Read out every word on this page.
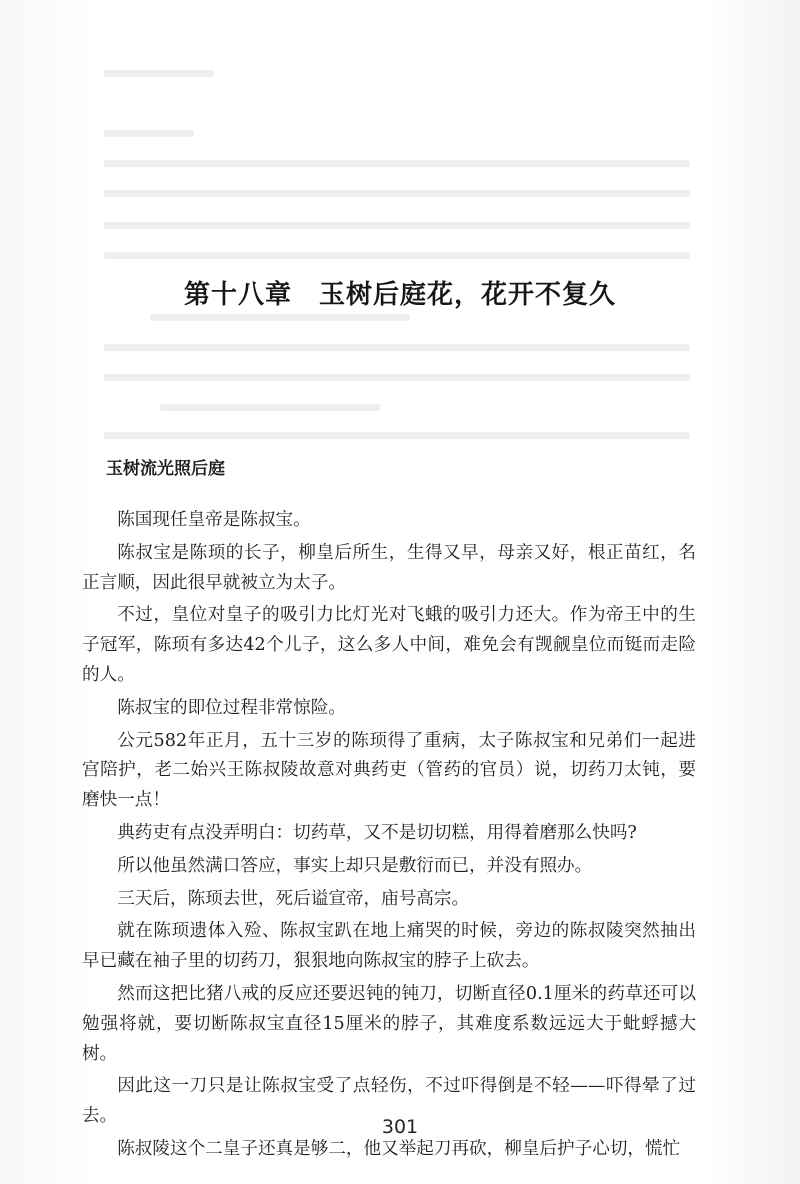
第十八章　玉树后庭花，花开不复久
玉树流光照后庭

陈国现任皇帝是陈叔宝。

陈叔宝是陈顼的长子，柳皇后所生，生得又早，母亲又好，根正苗红，名正言顺，因此很早就被立为太子。

不过，皇位对皇子的吸引力比灯光对飞蛾的吸引力还大。作为帝王中的生子冠军，陈顼有多达42个儿子，这么多人中间，难免会有觊觎皇位而铤而走险的人。

陈叔宝的即位过程非常惊险。

公元582年正月，五十三岁的陈顼得了重病，太子陈叔宝和兄弟们一起进宫陪护，老二始兴王陈叔陵故意对典药吏（管药的官员）说，切药刀太钝，要磨快一点！

典药吏有点没弄明白：切药草，又不是切切糕，用得着磨那么快吗?

所以他虽然满口答应，事实上却只是敷衍而已，并没有照办。

三天后，陈顼去世，死后谥宣帝，庙号高宗。

就在陈顼遗体入殓、陈叔宝趴在地上痛哭的时候，旁边的陈叔陵突然抽出早已藏在袖子里的切药刀，狠狠地向陈叔宝的脖子上砍去。

然而这把比猪八戒的反应还要迟钝的钝刀，切断直径0.1厘米的药草还可以勉强将就，要切断陈叔宝直径15厘米的脖子，其难度系数远远大于蚍蜉撼大树。

因此这一刀只是让陈叔宝受了点轻伤，不过吓得倒是不轻——吓得晕了过去。

陈叔陵这个二皇子还真是够二，他又举起刀再砍，柳皇后护子心切，慌忙

301
